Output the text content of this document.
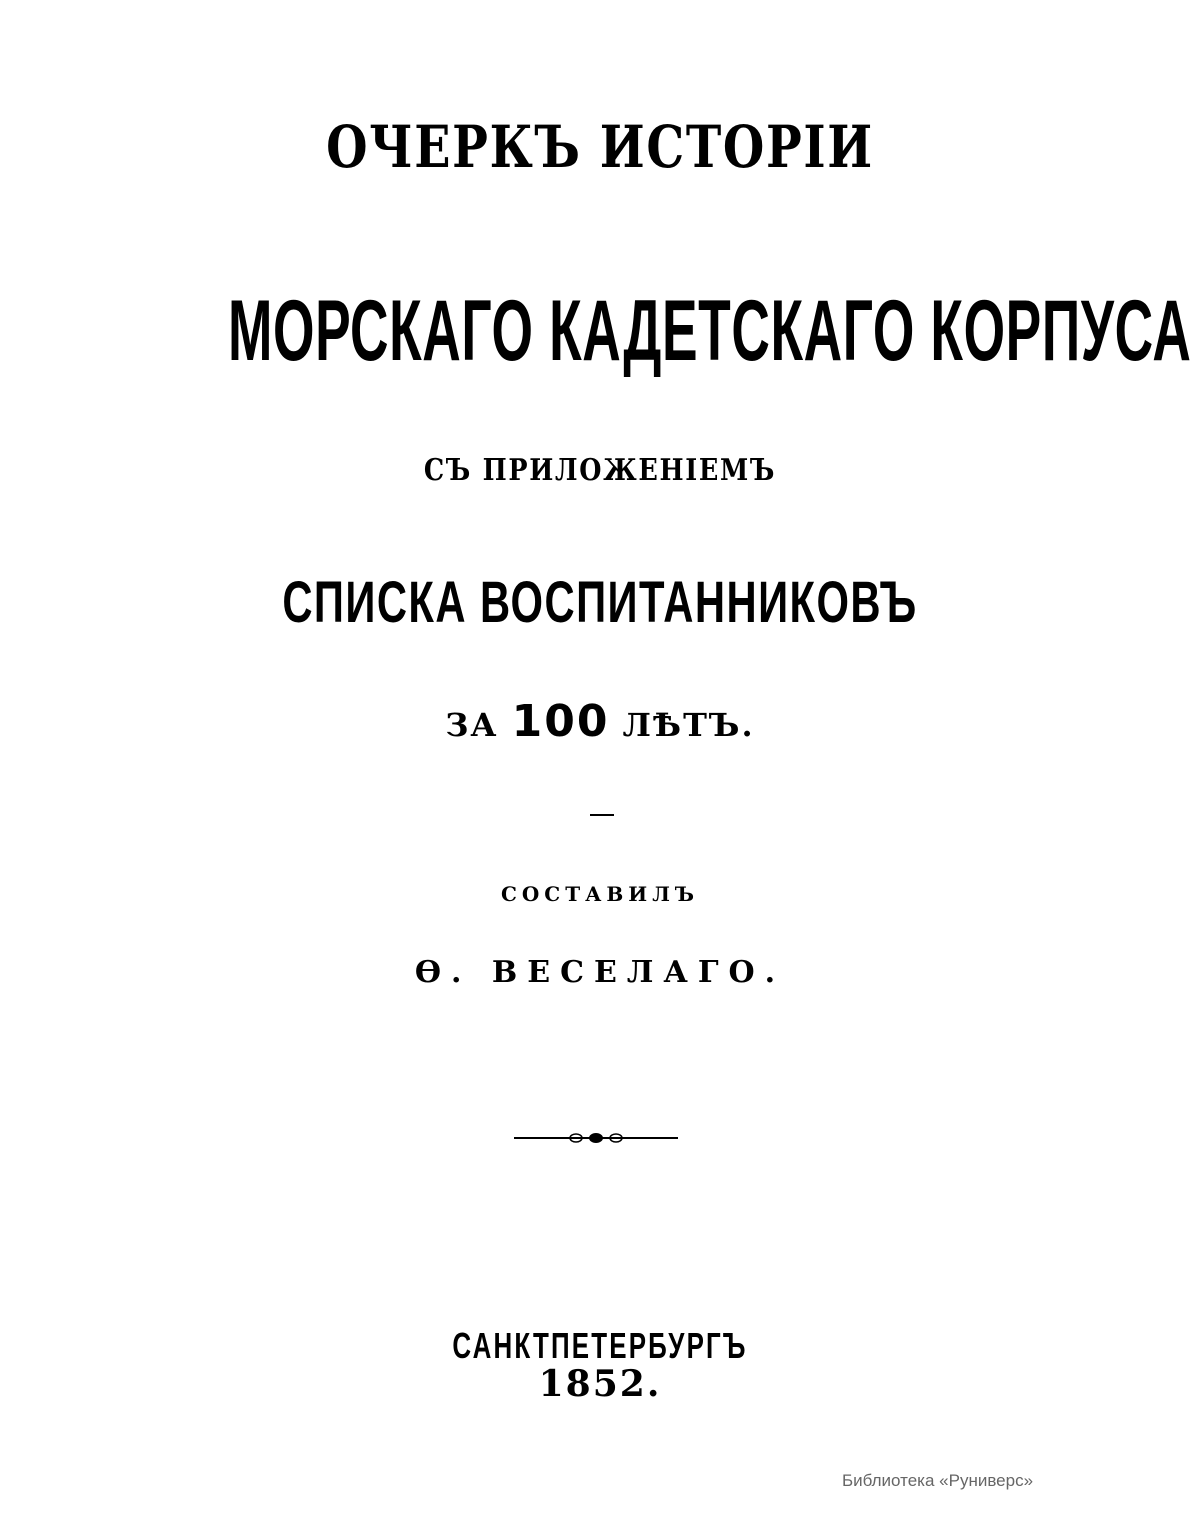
ОЧЕРКЪ ИСТОРІИ
МОРСКАГО КАДЕТСКАГО КОРПУСА
СЪ ПРИЛОЖЕНІЕМЪ
СПИСКА ВОСПИТАННИКОВЪ
ЗА 100 ЛѢТЪ.
СОСТАВИЛЪ
Ѳ. ВЕСЕЛАГО.
САНКТПЕТЕРБУРГЪ
1852.
Библиотека «Руниверс»
